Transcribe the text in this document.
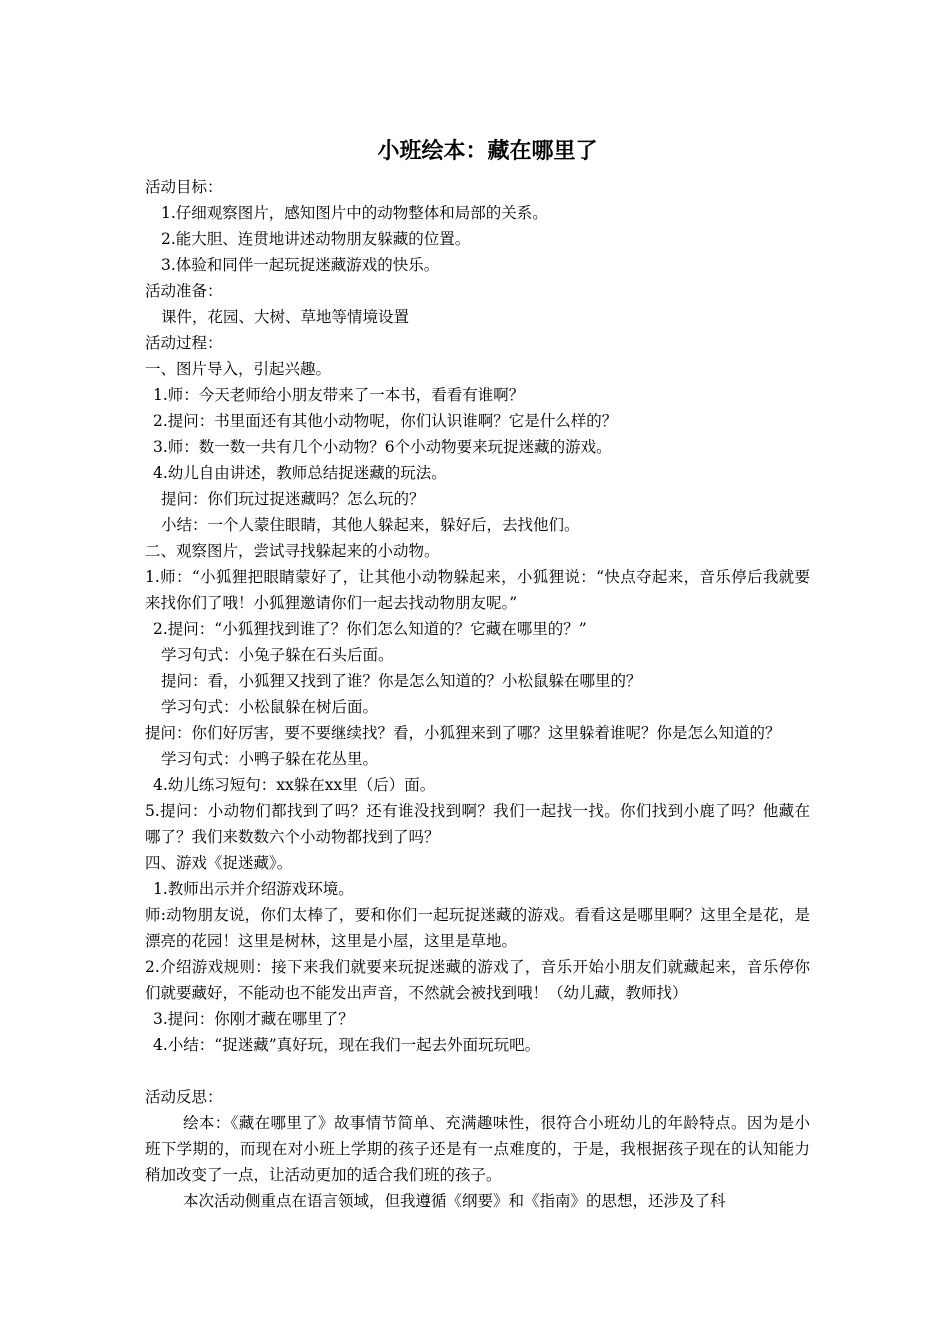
小班绘本：藏在哪里了

活动目标：

1.仔细观察图片，感知图片中的动物整体和局部的关系。

2.能大胆、连贯地讲述动物朋友躲藏的位置。

3.体验和同伴一起玩捉迷藏游戏的快乐。

活动准备：

课件，花园、大树、草地等情境设置

活动过程：

一、图片导入，引起兴趣。

1.师：今天老师给小朋友带来了一本书，看看有谁啊？

2.提问：书里面还有其他小动物呢，你们认识谁啊？它是什么样的？

3.师：数一数一共有几个小动物？6个小动物要来玩捉迷藏的游戏。

4.幼儿自由讲述，教师总结捉迷藏的玩法。

提问：你们玩过捉迷藏吗？怎么玩的？

小结：一个人蒙住眼睛，其他人躲起来，躲好后，去找他们。

二、观察图片，尝试寻找躲起来的小动物。

1.师：“小狐狸把眼睛蒙好了，让其他小动物躲起来，小狐狸说：“快点夺起来，音乐停后我就要来找你们了哦！小狐狸邀请你们一起去找动物朋友呢。”

2.提问：“小狐狸找到谁了？你们怎么知道的？它藏在哪里的？”

学习句式：小兔子躲在石头后面。

提问：看，小狐狸又找到了谁？你是怎么知道的？小松鼠躲在哪里的？

学习句式：小松鼠躲在树后面。

提问：你们好厉害，要不要继续找？看，小狐狸来到了哪？这里躲着谁呢？你是怎么知道的？

学习句式：小鸭子躲在花丛里。

4.幼儿练习短句：xx躲在xx里（后）面。

5.提问：小动物们都找到了吗？还有谁没找到啊？我们一起找一找。你们找到小鹿了吗？他藏在哪了？我们来数数六个小动物都找到了吗？

四、游戏《捉迷藏》。

1.教师出示并介绍游戏环境。

师:动物朋友说，你们太棒了，要和你们一起玩捉迷藏的游戏。看看这是哪里啊？这里全是花，是漂亮的花园！这里是树林，这里是小屋，这里是草地。

2.介绍游戏规则：接下来我们就要来玩捉迷藏的游戏了，音乐开始小朋友们就藏起来，音乐停你们就要藏好，不能动也不能发出声音，不然就会被找到哦！（幼儿藏，教师找）

3.提问：你刚才藏在哪里了？

4.小结：“捉迷藏”真好玩，现在我们一起去外面玩玩吧。

活动反思：

绘本：《藏在哪里了》故事情节简单、充满趣味性，很符合小班幼儿的年龄特点。因为是小班下学期的，而现在对小班上学期的孩子还是有一点难度的，于是，我根据孩子现在的认知能力稍加改变了一点，让活动更加的适合我们班的孩子。

本次活动侧重点在语言领域，但我遵循《纲要》和《指南》的思想，还涉及了科
